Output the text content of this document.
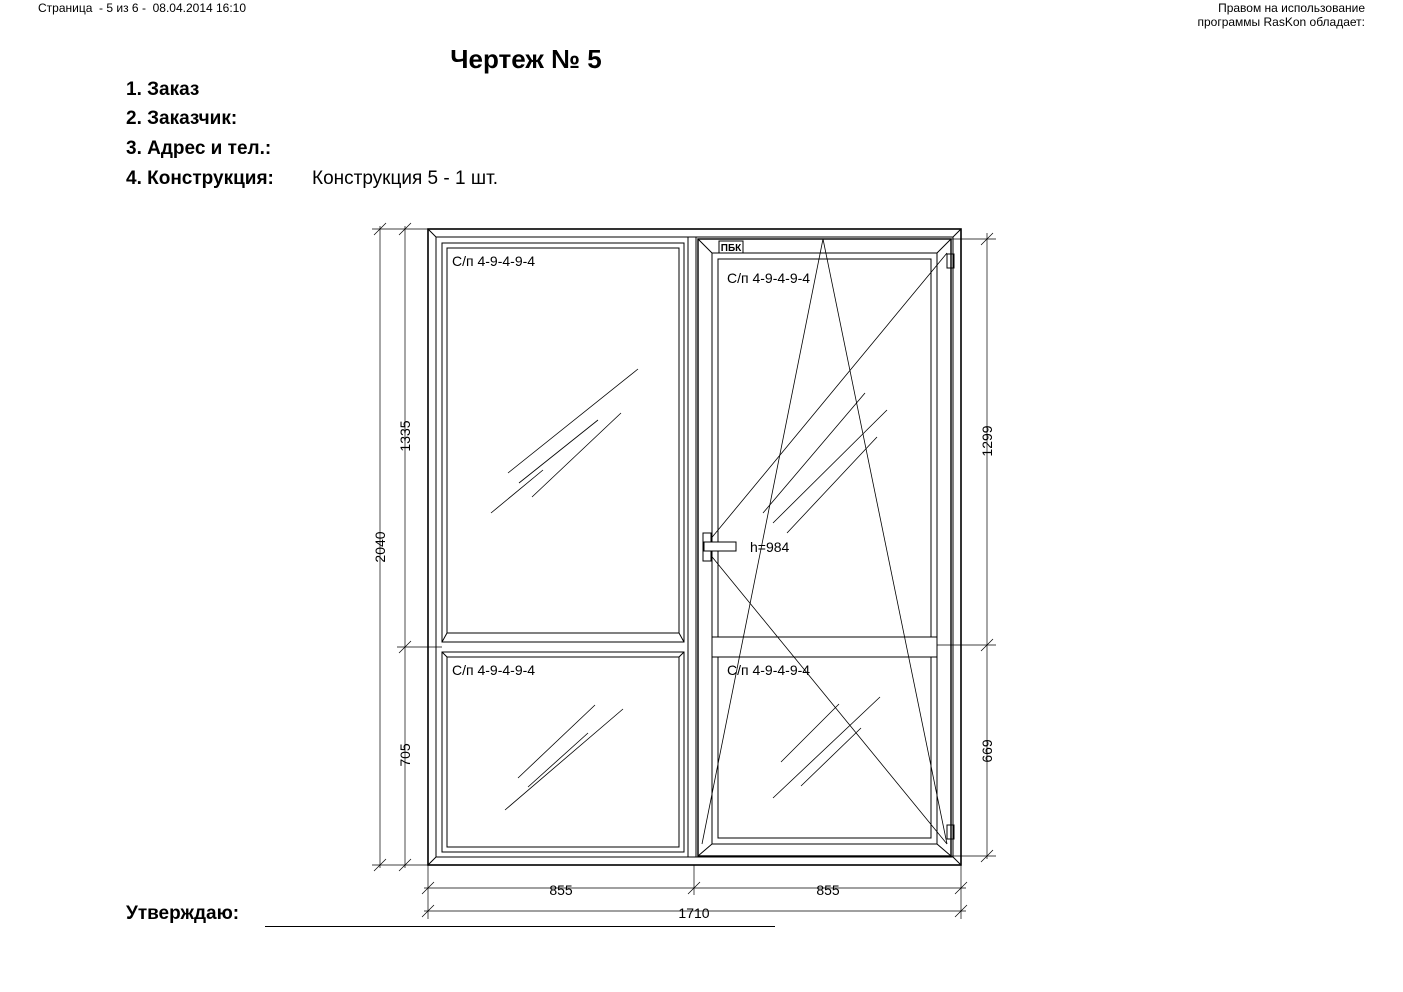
Страница  - 5 из 6 -  08.04.2014 16:10	Правом на использование
программы RasKon обладает:
Чертеж № 5
1. Заказ
2. Заказчик:
3. Адрес и тел.:
4. Конструкция: Конструкция 5 - 1 шт.
ПБК
С/п 4-9-4-9-4
С/п 4-9-4-9-4
С/п 4-9-4-9-4	С/п 4-9-4-9-4
h=984
2040
1335
705
1299
669
855	855
1710
Утверждаю:
